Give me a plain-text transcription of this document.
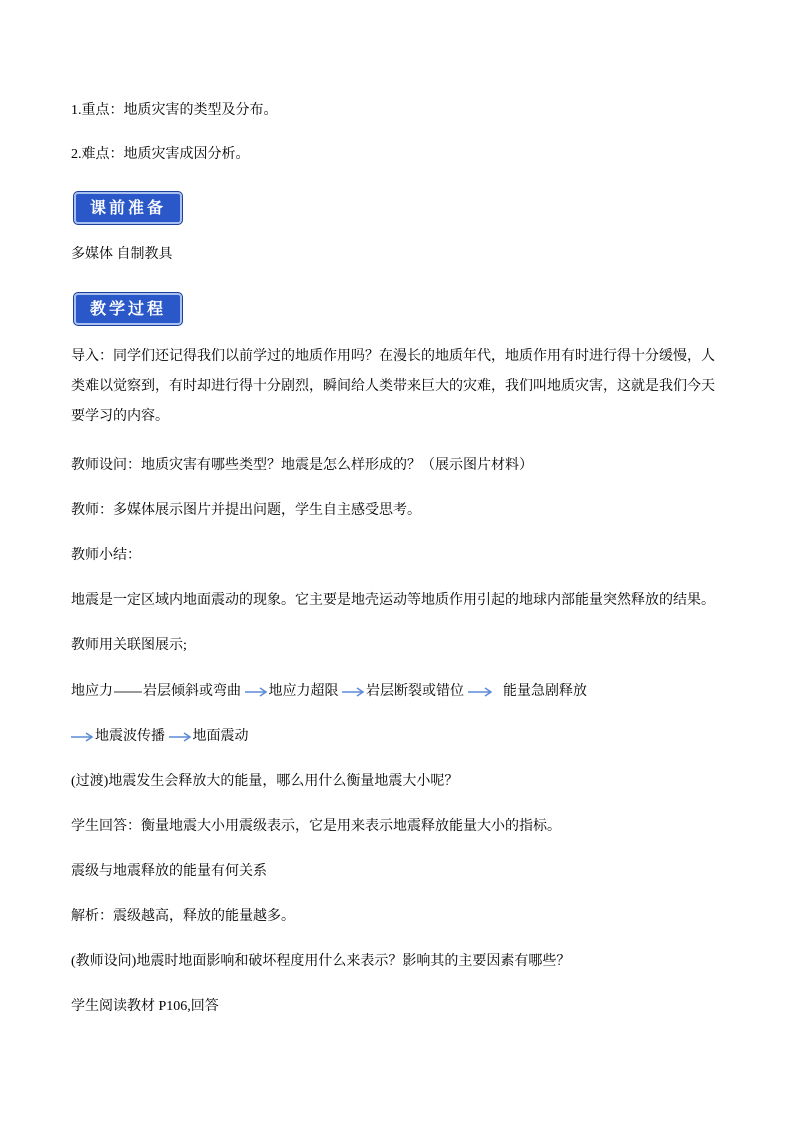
1.重点：地质灾害的类型及分布。
2.难点：地质灾害成因分析。
课前准备
多媒体 自制教具
教学过程
导入：同学们还记得我们以前学过的地质作用吗？在漫长的地质年代，地质作用有时进行得十分缓慢，人类难以觉察到，有时却进行得十分剧烈，瞬间给人类带来巨大的灾难，我们叫地质灾害，这就是我们今天要学习的内容。
教师设问：地质灾害有哪些类型？地震是怎么样形成的？（展示图片材料）
教师：多媒体展示图片并提出问题，学生自主感受思考。
教师小结：
地震是一定区域内地面震动的现象。它主要是地壳运动等地质作用引起的地球内部能量突然释放的结果。
教师用关联图展示;
地应力 岩层倾斜或弯曲 地应力超限 岩层断裂或错位	能量急剧释放
地震波传播 地面震动
(过渡)地震发生会释放大的能量，哪么用什么衡量地震大小呢？
学生回答：衡量地震大小用震级表示，它是用来表示地震释放能量大小的指标。
震级与地震释放的能量有何关系
解析：震级越高，释放的能量越多。
(教师设问)地震时地面影响和破坏程度用什么来表示？影响其的主要因素有哪些？
学生阅读教材 P106,回答
